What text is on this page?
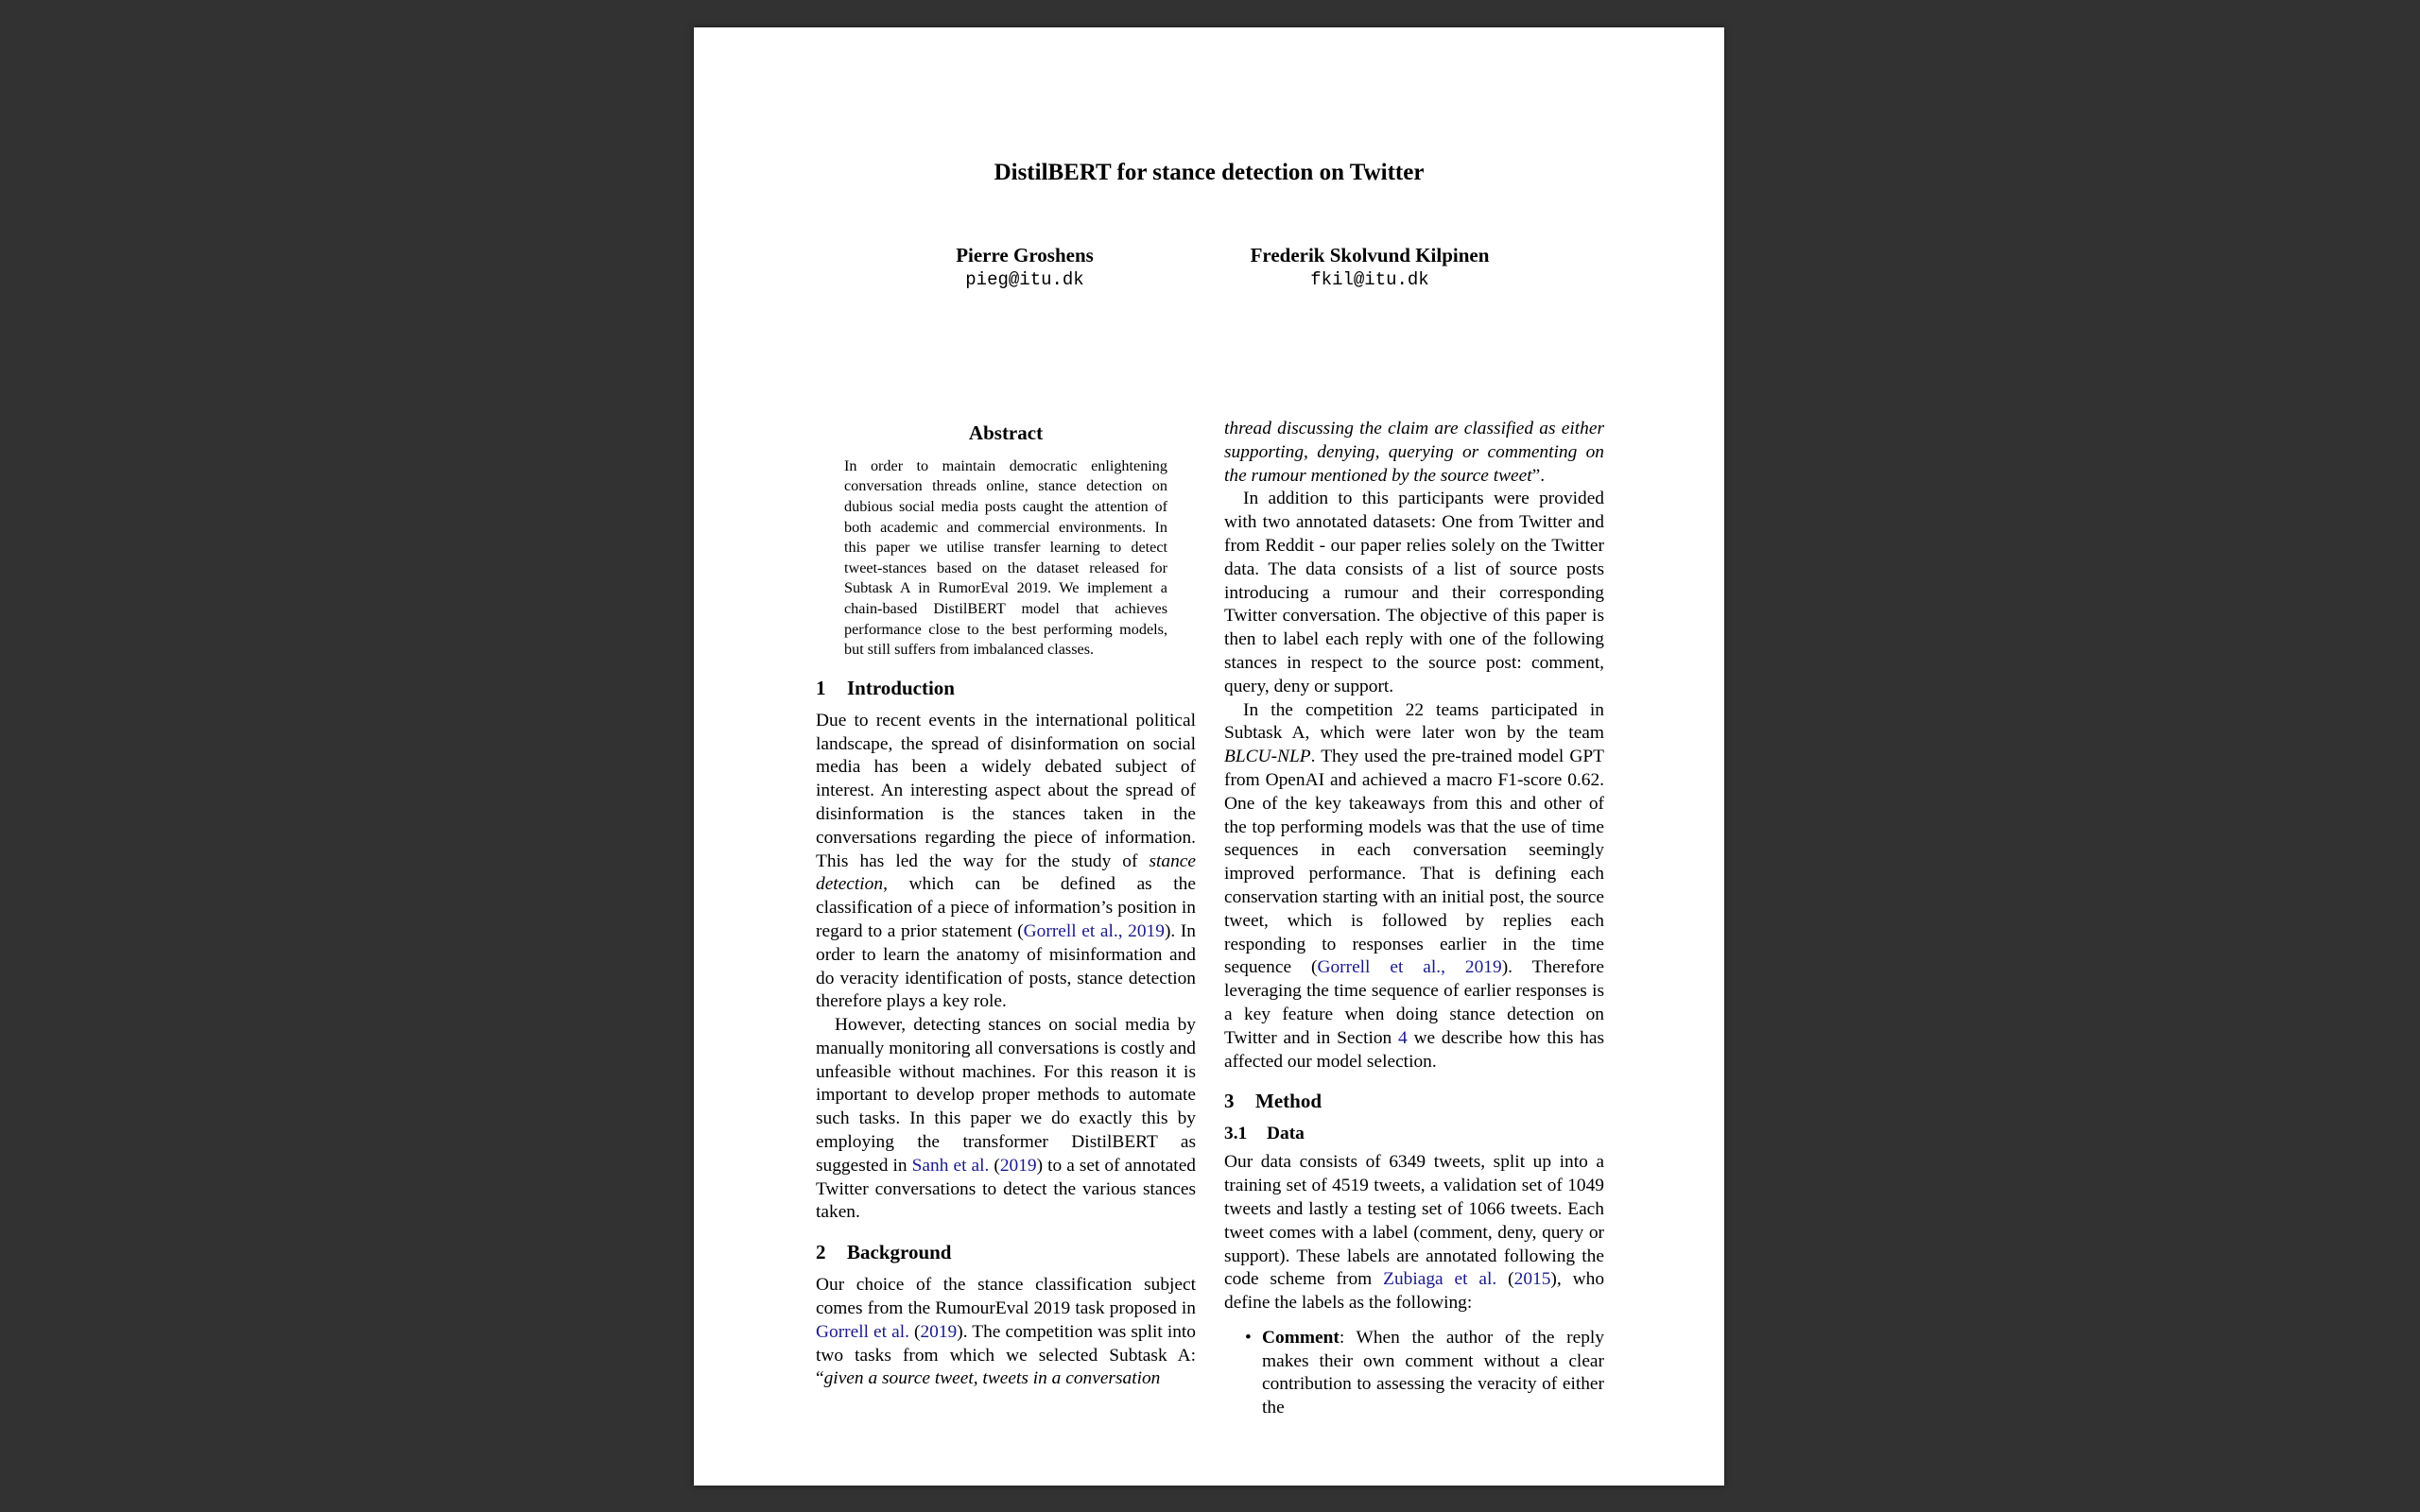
DistilBERT for stance detection on Twitter
Pierre Groshens
pieg@itu.dk
Frederik Skolvund Kilpinen
fkil@itu.dk
Abstract
In order to maintain democratic enlightening conversation threads online, stance detection on dubious social media posts caught the attention of both academic and commercial environments. In this paper we utilise transfer learning to detect tweet-stances based on the dataset released for Subtask A in RumorEval 2019. We implement a chain-based DistilBERT model that achieves performance close to the best performing models, but still suffers from imbalanced classes.
1 Introduction

Due to recent events in the international political landscape, the spread of disinformation on social media has been a widely debated subject of interest. An interesting aspect about the spread of disinformation is the stances taken in the conversations regarding the piece of information. This has led the way for the study of stance detection, which can be defined as the classification of a piece of information’s position in regard to a prior statement (Gorrell et al., 2019). In order to learn the anatomy of misinformation and do veracity identification of posts, stance detection therefore plays a key role.

However, detecting stances on social media by manually monitoring all conversations is costly and unfeasible without machines. For this reason it is important to develop proper methods to automate such tasks. In this paper we do exactly this by employing the transformer DistilBERT as suggested in Sanh et al. (2019) to a set of annotated Twitter conversations to detect the various stances taken.

2 Background

Our choice of the stance classification subject comes from the RumourEval 2019 task proposed in Gorrell et al. (2019). The competition was split into two tasks from which we selected Subtask A: “given a source tweet, tweets in a conversation

thread discussing the claim are classified as either supporting, denying, querying or commenting on the rumour mentioned by the source tweet”.

In addition to this participants were provided with two annotated datasets: One from Twitter and from Reddit - our paper relies solely on the Twitter data. The data consists of a list of source posts introducing a rumour and their corresponding Twitter conversation. The objective of this paper is then to label each reply with one of the following stances in respect to the source post: comment, query, deny or support.

In the competition 22 teams participated in Subtask A, which were later won by the team BLCU-NLP. They used the pre-trained model GPT from OpenAI and achieved a macro F1-score 0.62. One of the key takeaways from this and other of the top performing models was that the use of time sequences in each conversation seemingly improved performance. That is defining each conservation starting with an initial post, the source tweet, which is followed by replies each responding to responses earlier in the time sequence (Gorrell et al., 2019). Therefore leveraging the time sequence of earlier responses is a key feature when doing stance detection on Twitter and in Section 4 we describe how this has affected our model selection.

3 Method
3.1 Data

Our data consists of 6349 tweets, split up into a training set of 4519 tweets, a validation set of 1049 tweets and lastly a testing set of 1066 tweets. Each tweet comes with a label (comment, deny, query or support). These labels are annotated following the code scheme from Zubiaga et al. (2015), who define the labels as the following:

• Comment: When the author of the reply makes their own comment without a clear contribution to assessing the veracity of either the
